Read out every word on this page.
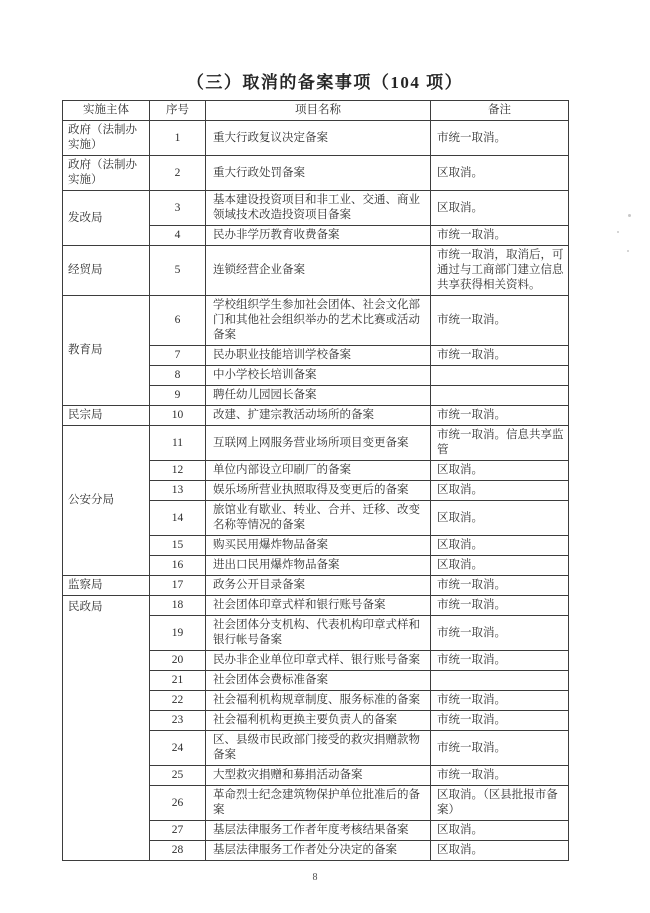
（三）取消的备案事项（104 项）
实施主体	序号	项目名称	备注
政府（法制办实施）	1	重大行政复议决定备案	市统一取消。
政府（法制办实施）	2	重大行政处罚备案	区取消。
发改局	3	基本建设投资项目和非工业、交通、商业领域技术改造投资项目备案	区取消。
	4	民办非学历教育收费备案	市统一取消。
经贸局	5	连锁经营企业备案	市统一取消，取消后，可通过与工商部门建立信息共享获得相关资料。
教育局	6	学校组织学生参加社会团体、社会文化部门和其他社会组织举办的艺术比赛或活动备案	市统一取消。
	7	民办职业技能培训学校备案	市统一取消。
	8	中小学校长培训备案	
	9	聘任幼儿园园长备案	
民宗局	10	改建、扩建宗教活动场所的备案	市统一取消。
公安分局	11	互联网上网服务营业场所项目变更备案	市统一取消。信息共享监管
	12	单位内部设立印刷厂的备案	区取消。
	13	娱乐场所营业执照取得及变更后的备案	区取消。
	14	旅馆业有歇业、转业、合并、迁移、改变名称等情况的备案	区取消。
	15	购买民用爆炸物品备案	区取消。
	16	进出口民用爆炸物品备案	区取消。
监察局	17	政务公开目录备案	市统一取消。
民政局	18	社会团体印章式样和银行账号备案	市统一取消。
	19	社会团体分支机构、代表机构印章式样和银行帐号备案	市统一取消。
	20	民办非企业单位印章式样、银行账号备案	市统一取消。
	21	社会团体会费标准备案	
	22	社会福利机构规章制度、服务标准的备案	市统一取消。
	23	社会福利机构更换主要负责人的备案	市统一取消。
	24	区、县级市民政部门接受的救灾捐赠款物备案	市统一取消。
	25	大型救灾捐赠和募捐活动备案	市统一取消。
	26	革命烈士纪念建筑物保护单位批准后的备案	区取消。（区县批报市备案）
	27	基层法律服务工作者年度考核结果备案	区取消。
	28	基层法律服务工作者处分决定的备案	区取消。
8
